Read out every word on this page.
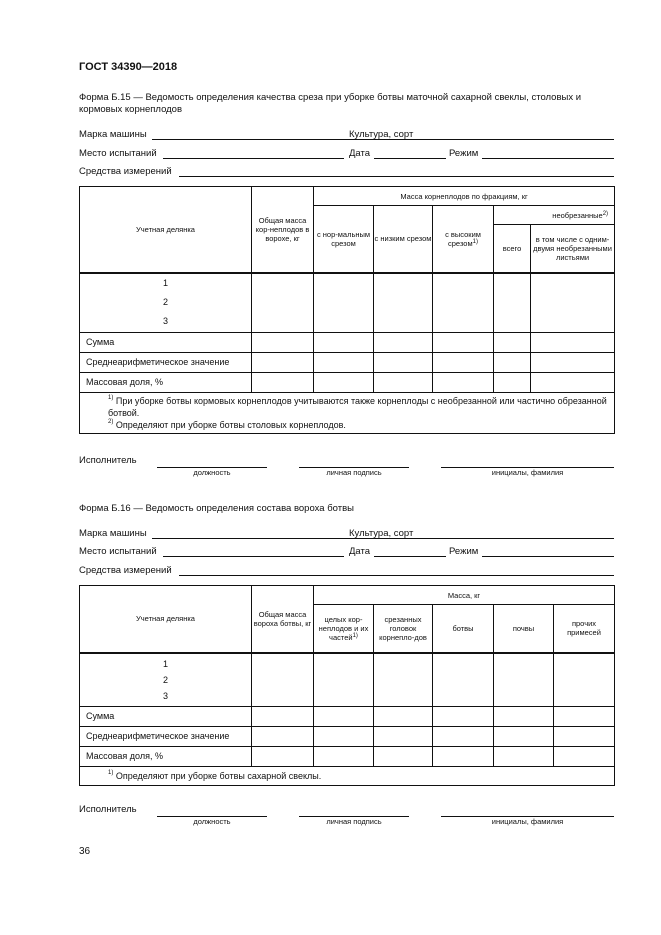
ГОСТ 34390—2018
Форма Б.15 — Ведомость определения качества среза при уборке ботвы маточной сахарной свеклы, столовых и кормовых корнеплодов
Марка машины	Культура, сорт
Место испытаний	Дата	Режим
Средства измерений
Учетная делянка	Общая масса кор-неплодов в ворохе, кг	Масса корнеплодов по фракциям, кг				
		с нор-мальным срезом	с низким срезом	с высоким срезом$^{1)}$	необрезанные$^{2)}$
					всего	в том числе с одним-двумя необрезанными листьями

1
2
3						

Сумма						
Среднеарифметическое значение						
Массовая доля, %						

$^{1)}$ При уборке ботвы кормовых корнеплодов учитываются также корнеплоды с необрезанной или частично обрезанной ботвой.
$^{2)}$ Определяют при уборке ботвы столовых корнеплодов.						
Исполнитель
должность	личная подпись	инициалы, фамилия
Форма Б.16 — Ведомость определения состава вороха ботвы
Марка машины	Культура, сорт
Место испытаний	Дата	Режим
Средства измерений
Учетная делянка	Общая масса вороха ботвы, кг	Масса, кг				
		целых кор-неплодов и их частей$^{1)}$	срезанных головок корнепло-дов	ботвы	почвы	прочих примесей

1
2
3						

Сумма						
Среднеарифметическое значение						
Массовая доля, %						

$^{1)}$ Определяют при уборке ботвы сахарной свеклы.						
Исполнитель
должность	личная подпись	инициалы, фамилия
36
